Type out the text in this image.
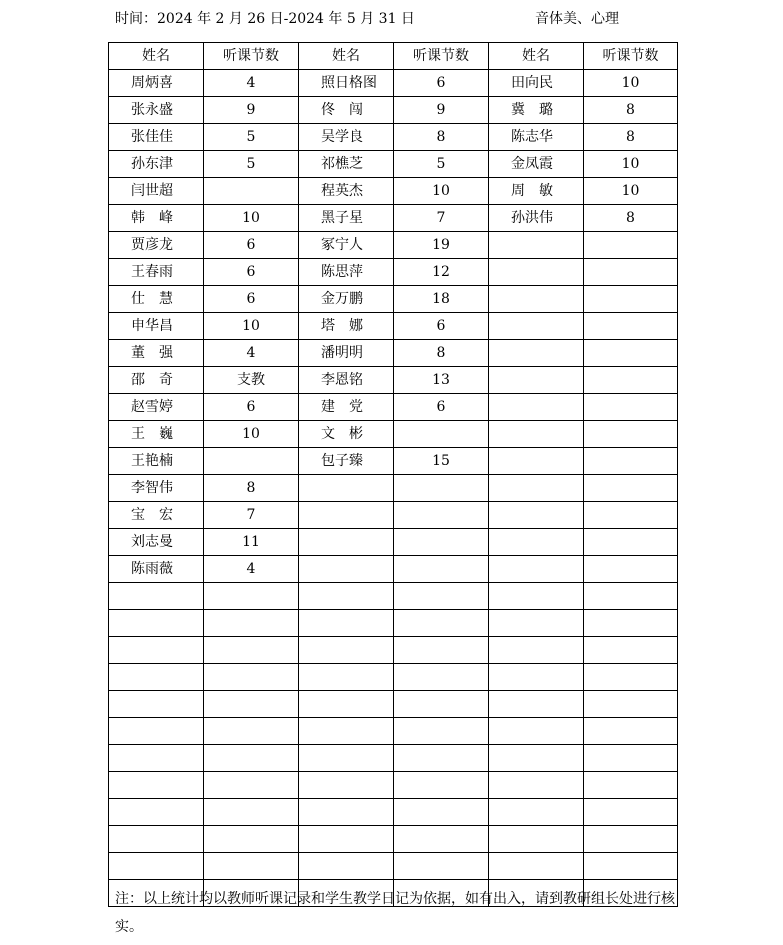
时间：2024 年 2 月 26 日-2024 年 5 月 31 日	音体美、心理
姓名	听课节数	姓名	听课节数	姓名	听课节数
周炳喜	4	照日格图	6	田向民	10
张永盛	9	佟　闯	9	冀　璐	8
张佳佳	5	吴学良	8	陈志华	8
孙东津	5	祁樵芝	5	金凤霞	10
闫世超		程英杰	10	周　敏	10
韩　峰	10	黑子星	7	孙洪伟	8
贾彦龙	6	冢宁人	19		
王春雨	6	陈思萍	12		
仕　慧	6	金万鹏	18		
申华昌	10	塔　娜	6		
董　强	4	潘明明	8		
邵　奇	支教	李恩铭	13		
赵雪婷	6	建　党	6		
王　巍	10	文　彬			
王艳楠		包子臻	15		
李智伟	8				
宝　宏	7				
刘志曼	11				
陈雨薇	4				

注：以上统计均以教师听课记录和学生教学日记为依据，如有出入，请到教研组长处进行核实。
